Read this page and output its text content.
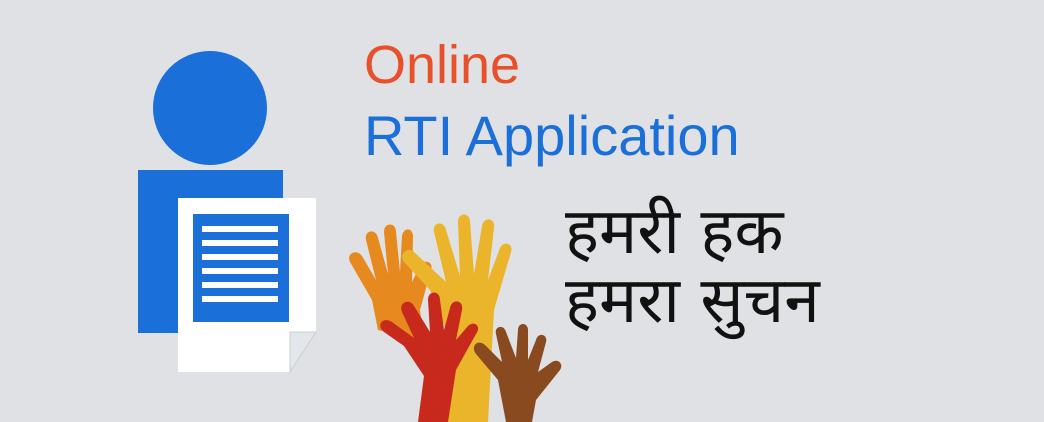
Online
RTI Application
हमरी हक
हमरा सुचन
